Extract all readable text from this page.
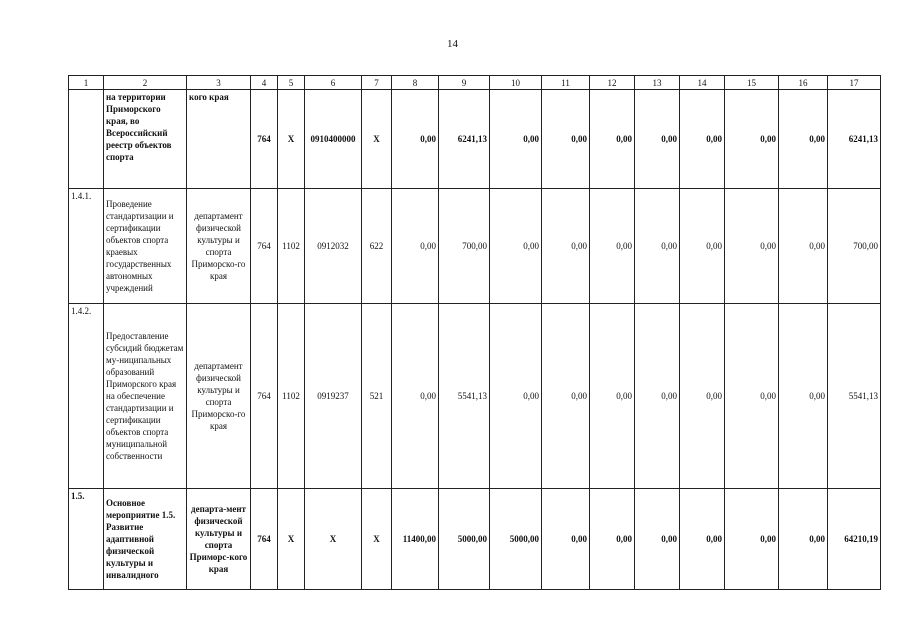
14
1	2	3	4	5	6	7	8	9	10	11	12	13	14	15	16	17
	на территории Приморского края, во Всероссийский реестр объектов спорта	кого края	764	X	0910400000	X	0,00	6241,13	0,00	0,00	0,00	0,00	0,00	0,00	0,00	6241,13
1.4.1.	Проведение стандартизации и сертификации объектов спорта краевых государственных автономных учреждений	департамент физической культуры и спорта Приморско-го края	764	1102	0912032	622	0,00	700,00	0,00	0,00	0,00	0,00	0,00	0,00	0,00	700,00
1.4.2.	Предоставление субсидий бюджетам му-ниципальных образований Приморского края на обеспечение стандартизации и сертификации объектов спорта муниципальной собственности	департамент физической культуры и спорта Приморско-го края	764	1102	0919237	521	0,00	5541,13	0,00	0,00	0,00	0,00	0,00	0,00	0,00	5541,13
1.5.	Основное мероприятие 1.5. Развитие адаптивной физической культуры и инвалидного	департа-мент физической культуры и спорта Приморс-кого края	764	X	X	X	11400,00	5000,00	5000,00	0,00	0,00	0,00	0,00	0,00	0,00	64210,19
